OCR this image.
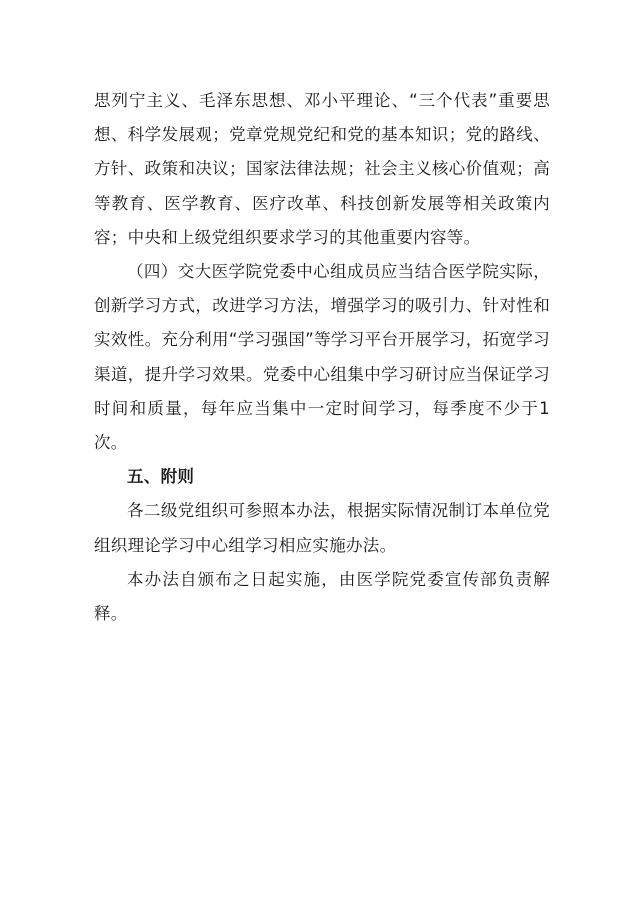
思列宁主义、毛泽东思想、邓小平理论、“三个代表”重要思想、科学发展观；党章党规党纪和党的基本知识；党的路线、方针、政策和决议；国家法律法规；社会主义核心价值观；高等教育、医学教育、医疗改革、科技创新发展等相关政策内容；中央和上级党组织要求学习的其他重要内容等。

（四）交大医学院党委中心组成员应当结合医学院实际，创新学习方式，改进学习方法，增强学习的吸引力、针对性和实效性。充分利用“学习强国”等学习平台开展学习，拓宽学习渠道，提升学习效果。党委中心组集中学习研讨应当保证学习时间和质量，每年应当集中一定时间学习，每季度不少于1次。

五、附则

各二级党组织可参照本办法，根据实际情况制订本单位党组织理论学习中心组学习相应实施办法。

本办法自颁布之日起实施，由医学院党委宣传部负责解释。
